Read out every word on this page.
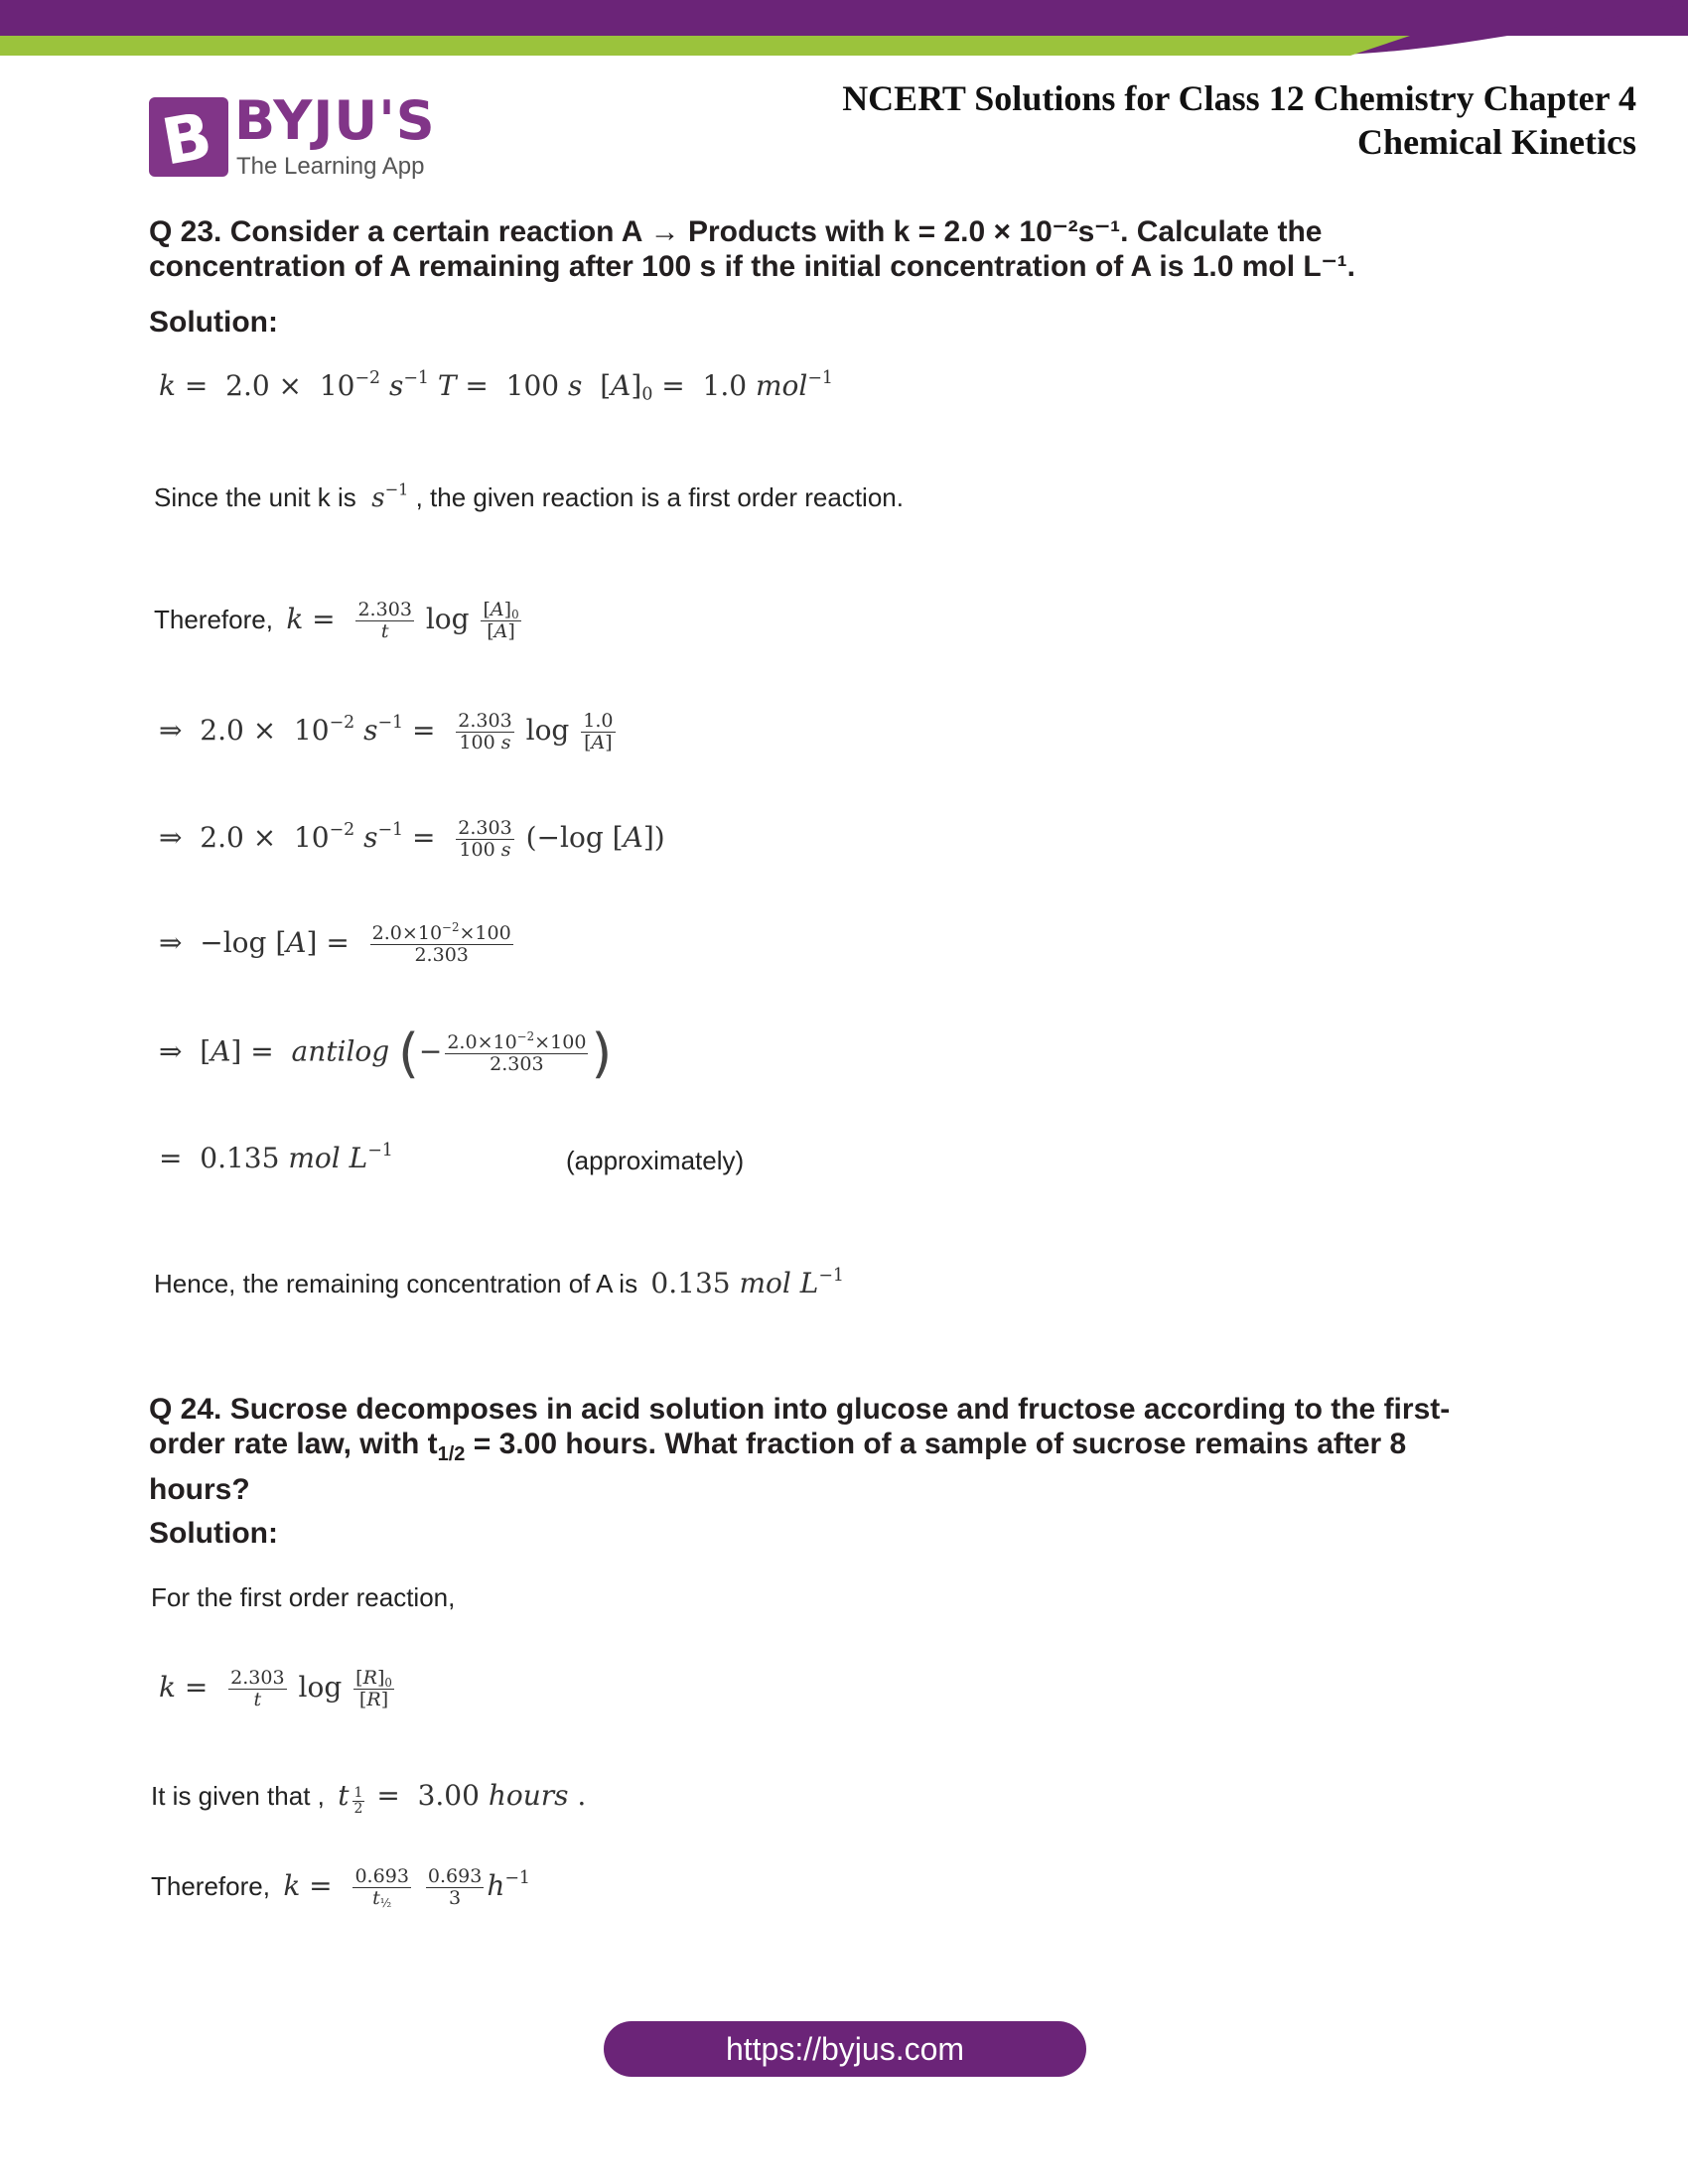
B BYJU'S
The Learning App
NCERT Solutions for Class 12 Chemistry Chapter 4
Chemical Kinetics
Q 23. Consider a certain reaction A → Products with k = 2.0 × 10⁻²s⁻¹. Calculate the
concentration of A remaining after 100 s if the initial concentration of A is 1.0 mol L⁻¹.
Solution:
$k = 2.0 \times 10^{-2}$ $s^{-1}$ T =  100 s  $[A]_0 = 1.0$ mol$^{-1}$
Since the unit k is $s^{-1}$ , the given reaction is a first order reaction.
Therefore, $k = \frac{2.303}{t}$ $\log \frac{[A]_0}{[A]}$
⇒  $2.0 \times 10^{-2}$ $s^{-1} = \frac{2.303}{100 s}$ $\log \frac{1.0}{[A]}$
⇒  $2.0 \times 10^{-2}$ $s^{-1} = \frac{2.303}{100 s} (-\log$ [A])
⇒  −log $[A] = \frac{2.0\times 10^{-2}\times 100}{2.303}$
⇒  [A] =  antilog (− $\frac{2.0\times 10^{-2}\times 100}{2.303}$ )
=  0.135 mol $L^{-1}$	(approximately)
Hence, the remaining concentration of A is  0.135 mol $L^{-1}$
Q 24. Sucrose decomposes in acid solution into glucose and fructose according to the first-
order rate law, with $t_{1/2} = 3.00$ hours. What fraction of a sample of sucrose remains after 8
hours?
Solution:
For the first order reaction,
$k = \frac{2.303}{t}$ $\log \frac{[R]_0}{[R]}$
It is given that , t $\frac{1}{2} = 3.00$ hours .
Therefore, $k = \frac{0.693}{t_{\frac{1}{2}}}$
$\frac{0.693}{3} h^{-1}$
https://byjus.com
